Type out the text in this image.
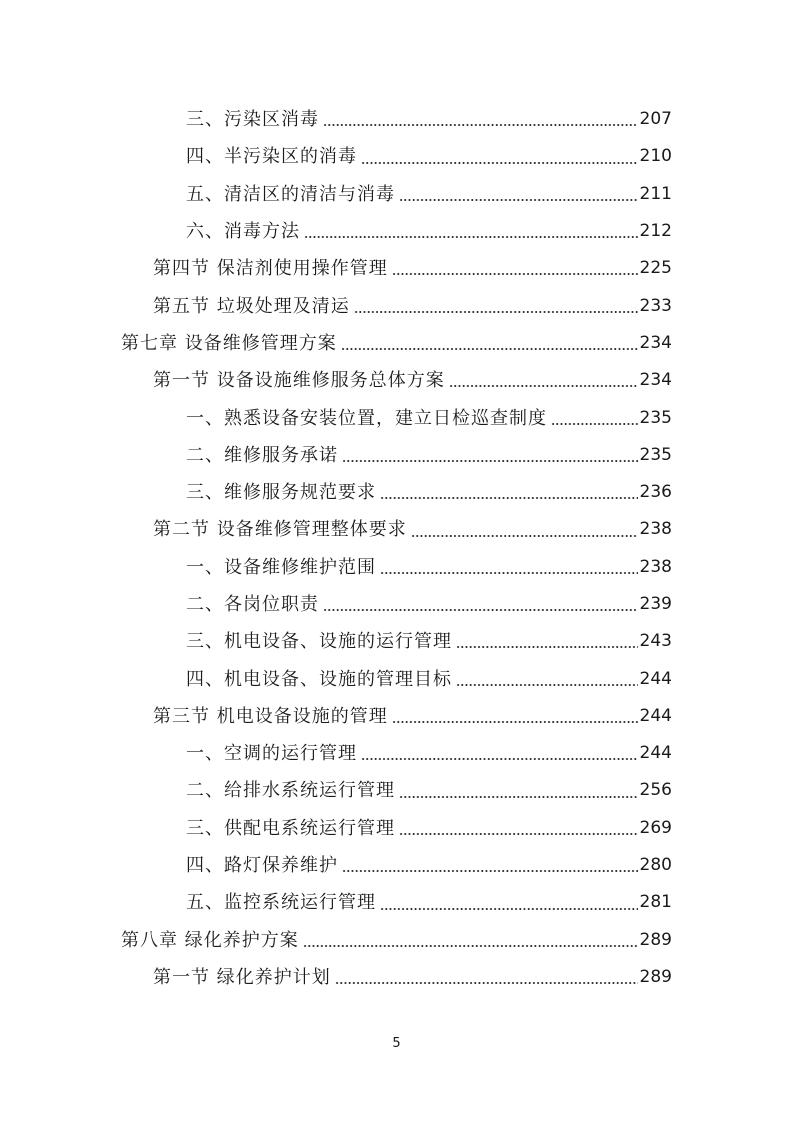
三、污染区消毒	207
四、半污染区的消毒	210
五、清洁区的清洁与消毒	211
六、消毒方法	212
第四节 保洁剂使用操作管理	225
第五节 垃圾处理及清运	233
第七章 设备维修管理方案	234
第一节 设备设施维修服务总体方案	234
一、熟悉设备安装位置，建立日检巡查制度	235
二、维修服务承诺	235
三、维修服务规范要求	236
第二节 设备维修管理整体要求	238
一、设备维修维护范围	238
二、各岗位职责	239
三、机电设备、设施的运行管理	243
四、机电设备、设施的管理目标	244
第三节 机电设备设施的管理	244
一、空调的运行管理	244
二、给排水系统运行管理	256
三、供配电系统运行管理	269
四、路灯保养维护	280
五、监控系统运行管理	281
第八章 绿化养护方案	289
第一节 绿化养护计划	289
5
